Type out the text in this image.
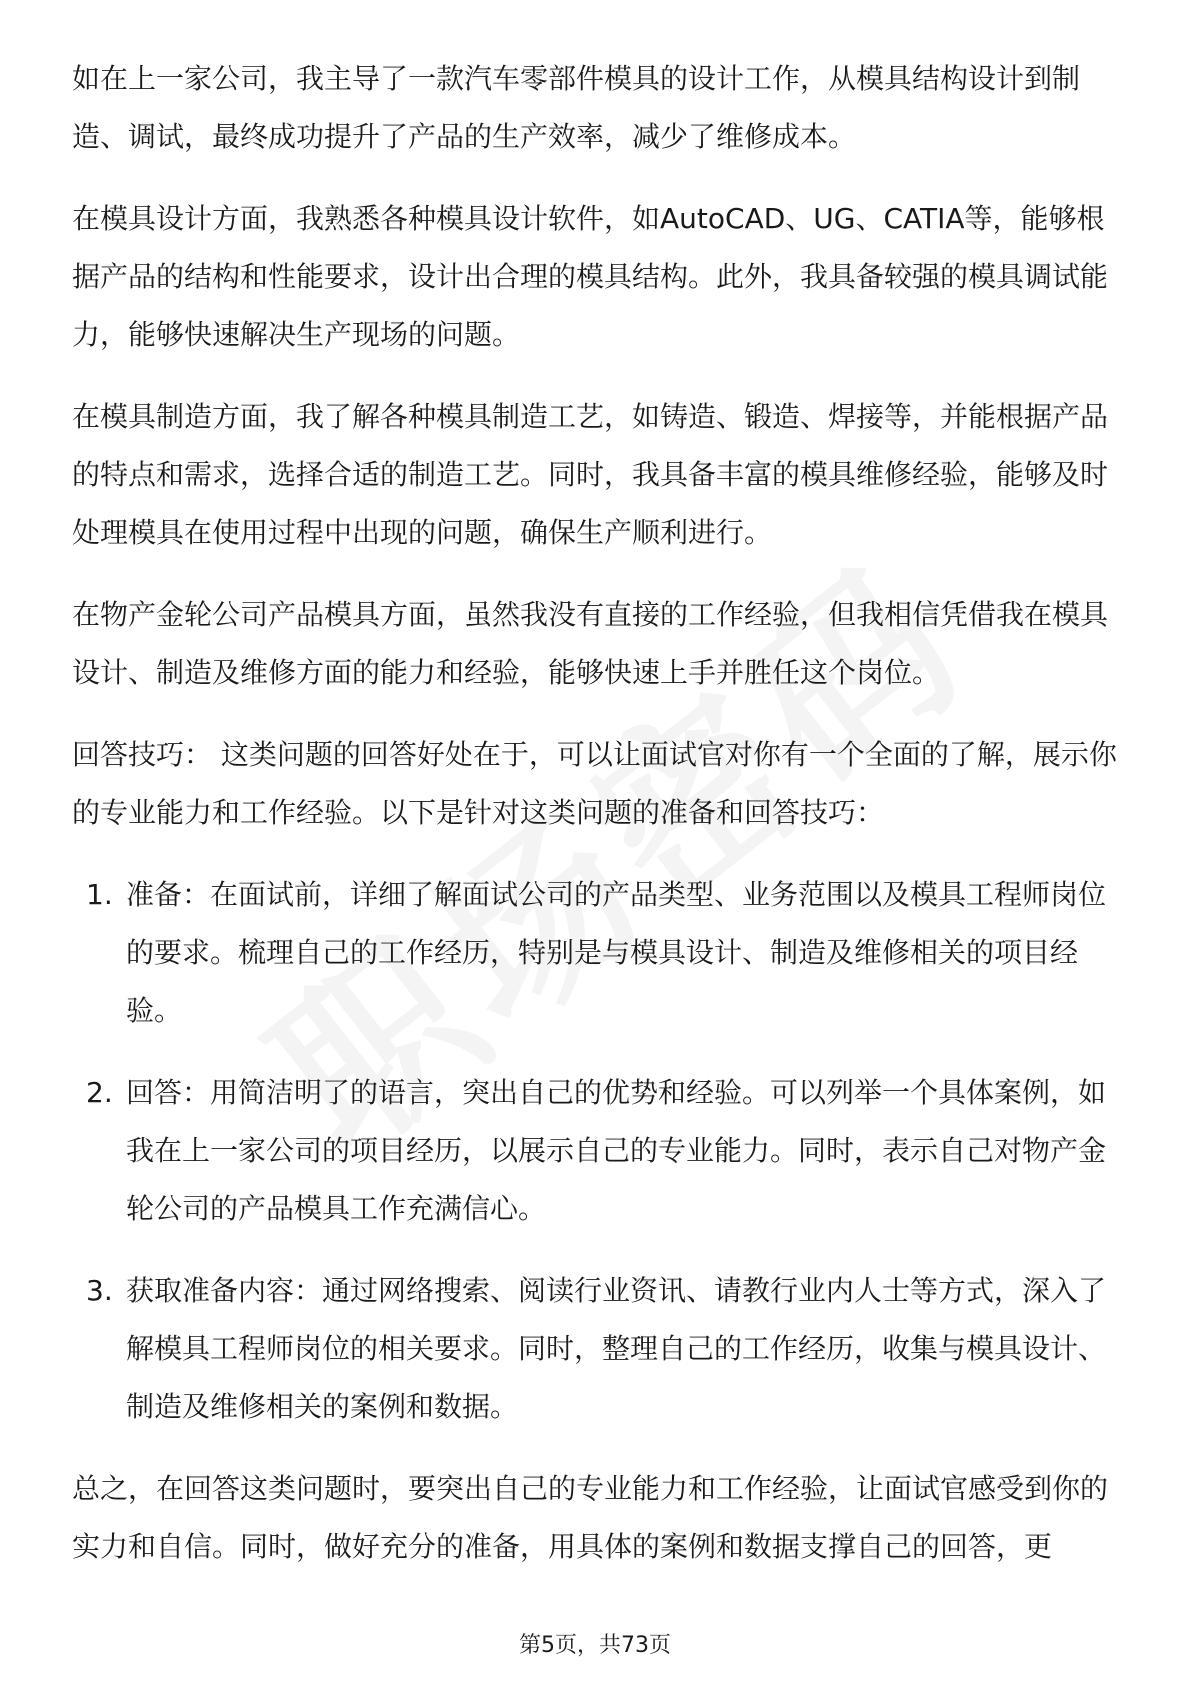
如在上一家公司，我主导了一款汽车零部件模具的设计工作，从模具结构设计到制造、调试，最终成功提升了产品的生产效率，减少了维修成本。

在模具设计方面，我熟悉各种模具设计软件，如AutoCAD、UG、CATIA等，能够根据产品的结构和性能要求，设计出合理的模具结构。此外，我具备较强的模具调试能力，能够快速解决生产现场的问题。

在模具制造方面，我了解各种模具制造工艺，如铸造、锻造、焊接等，并能根据产品的特点和需求，选择合适的制造工艺。同时，我具备丰富的模具维修经验，能够及时处理模具在使用过程中出现的问题，确保生产顺利进行。

在物产金轮公司产品模具方面，虽然我没有直接的工作经验，但我相信凭借我在模具设计、制造及维修方面的能力和经验，能够快速上手并胜任这个岗位。

回答技巧： 这类问题的回答好处在于，可以让面试官对你有一个全面的了解，展示你的专业能力和工作经验。以下是针对这类问题的准备和回答技巧：

1. 准备：在面试前，详细了解面试公司的产品类型、业务范围以及模具工程师岗位的要求。梳理自己的工作经历，特别是与模具设计、制造及维修相关的项目经验。
2. 回答：用简洁明了的语言，突出自己的优势和经验。可以列举一个具体案例，如我在上一家公司的项目经历，以展示自己的专业能力。同时，表示自己对物产金轮公司的产品模具工作充满信心。
3. 获取准备内容：通过网络搜索、阅读行业资讯、请教行业内人士等方式，深入了解模具工程师岗位的相关要求。同时，整理自己的工作经历，收集与模具设计、制造及维修相关的案例和数据。

总之，在回答这类问题时，要突出自己的专业能力和工作经验，让面试官感受到你的实力和自信。同时，做好充分的准备，用具体的案例和数据支撑自己的回答，更

第5页，共73页
